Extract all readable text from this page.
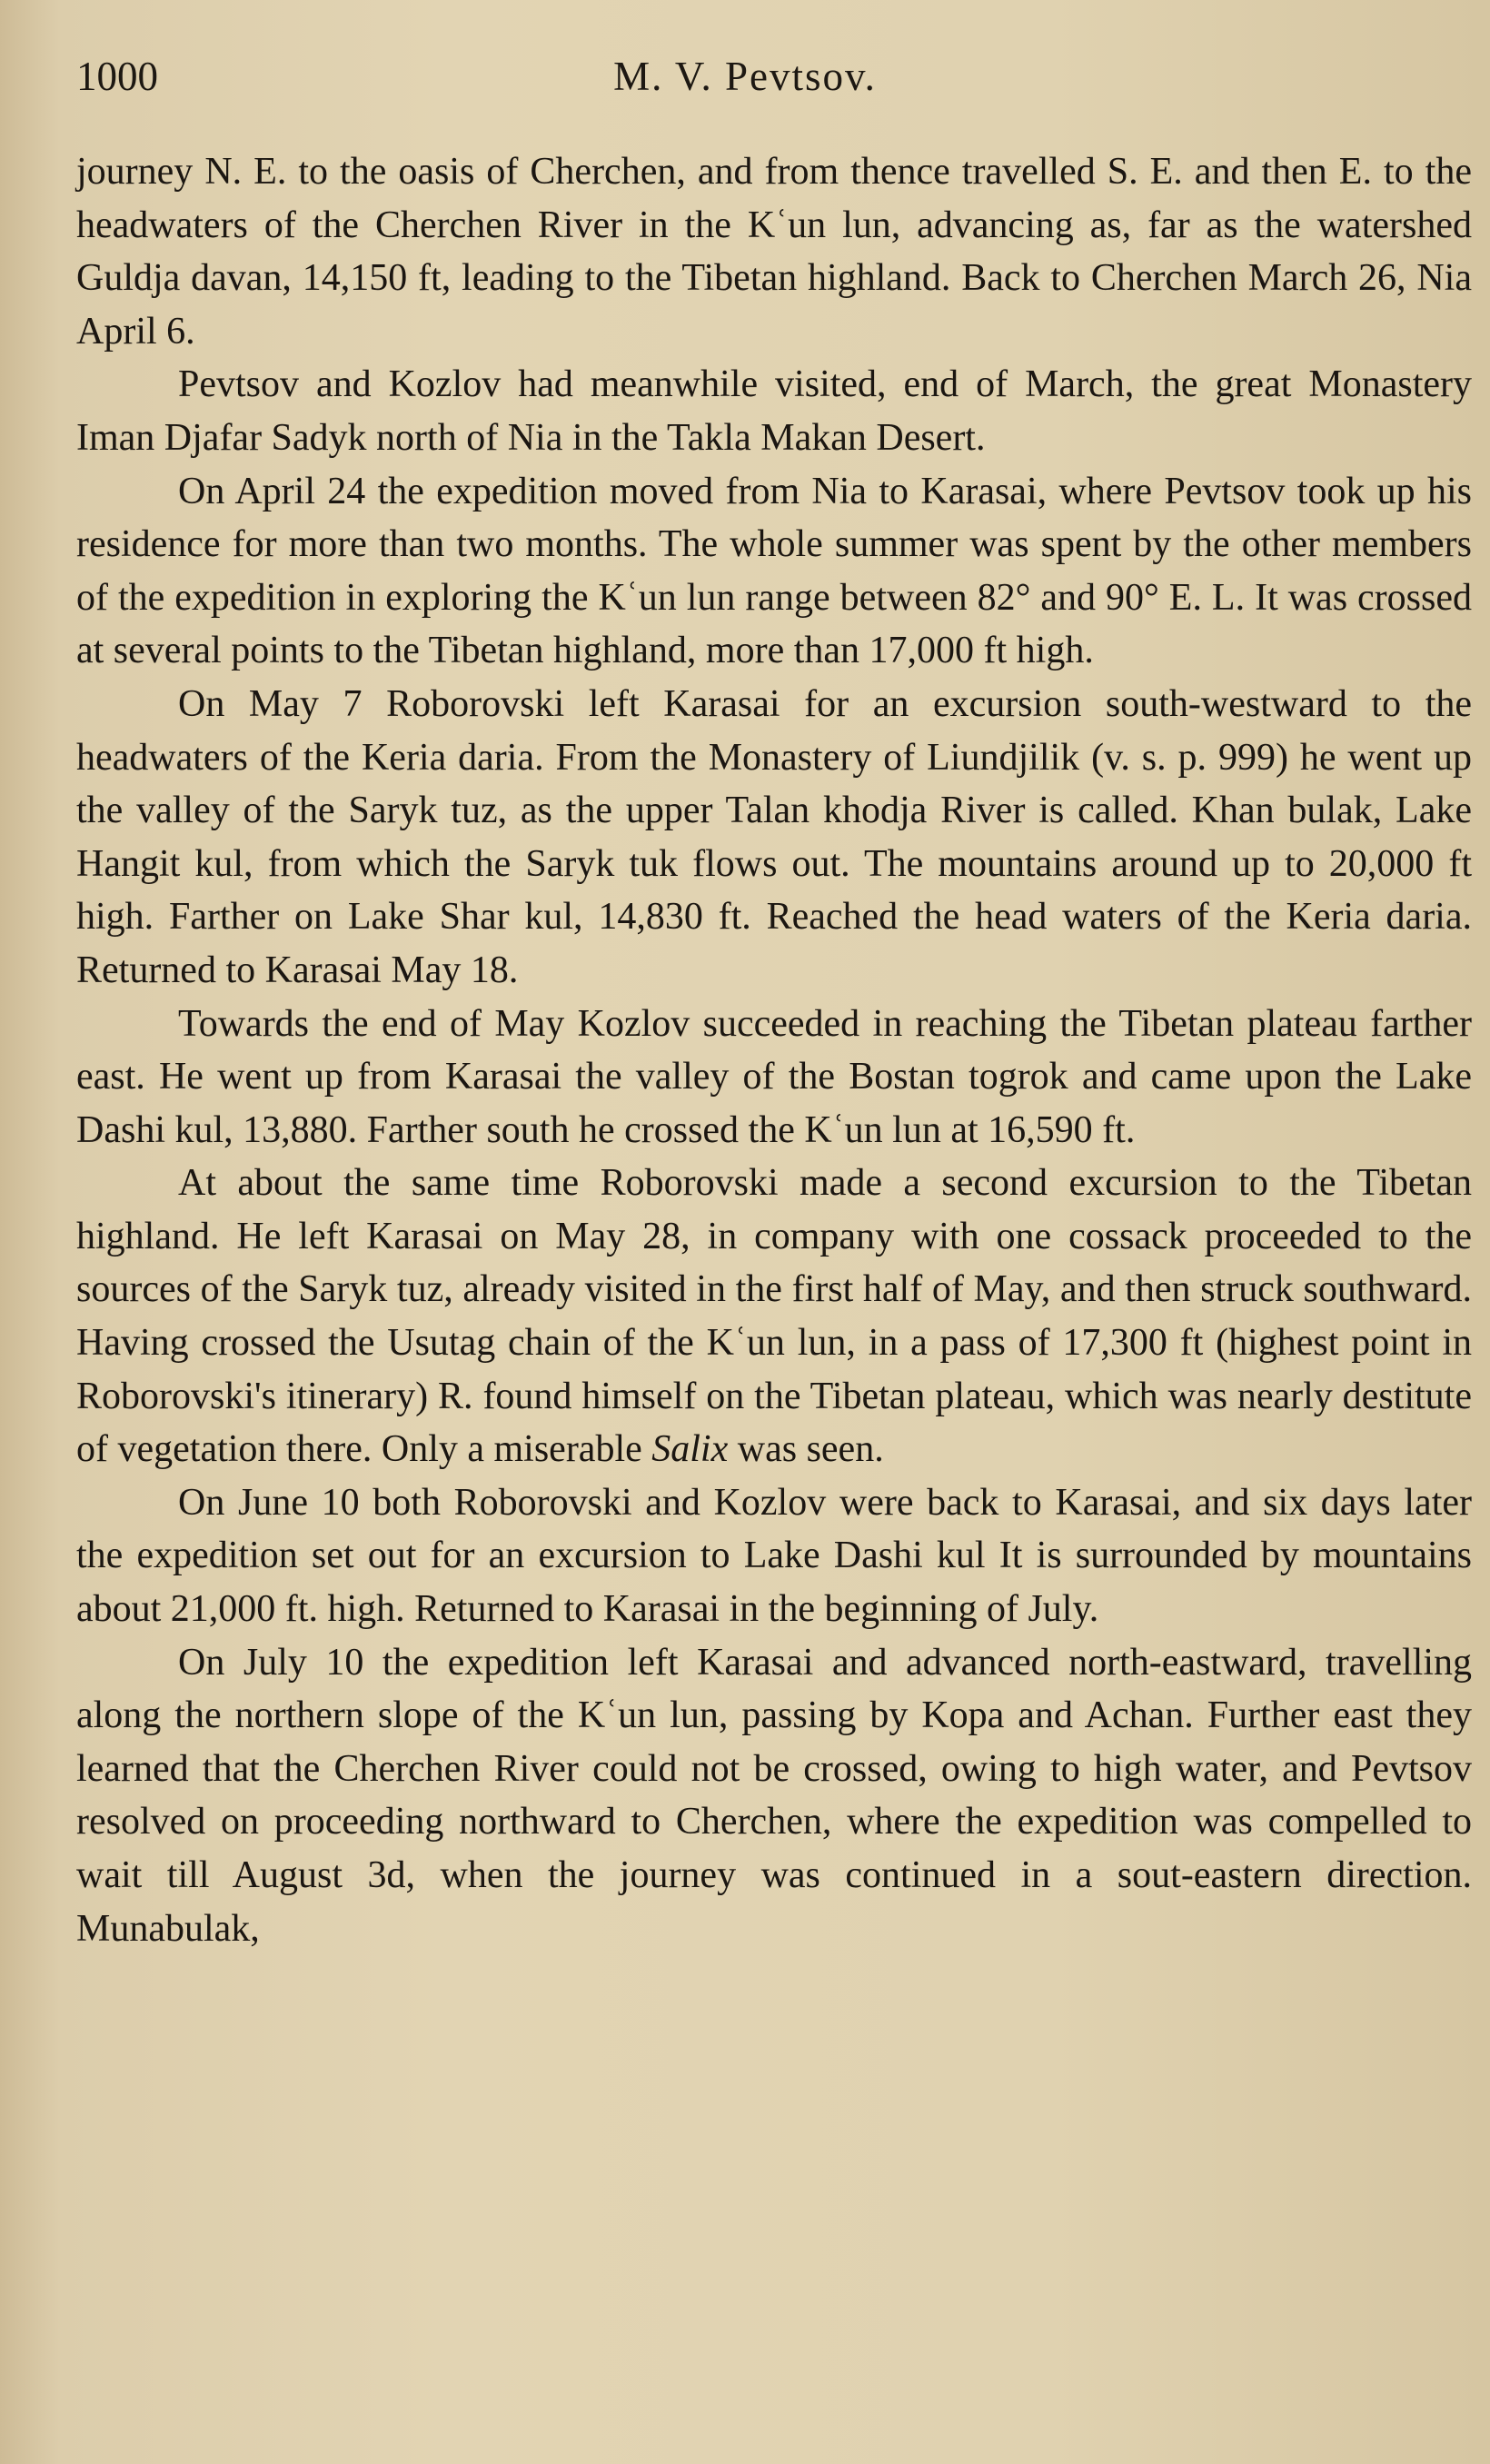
1000	M. V. Pevtsov.

journey N. E. to the oasis of Cherchen, and from thence travelled S. E. and then E. to the headwaters of the Cherchen River in the Kʿun lun, advancing as, far as the watershed Guldja davan, 14,150 ft, leading to the Tibetan highland. Back to Cherchen March 26, Nia April 6.

Pevtsov and Kozlov had meanwhile visited, end of March, the great Monastery Iman Djafar Sadyk north of Nia in the Takla Makan Desert.

On April 24 the expedition moved from Nia to Karasai, where Pevtsov took up his residence for more than two months. The whole summer was spent by the other members of the expedition in exploring the Kʿun lun range between 82° and 90° E. L. It was crossed at several points to the Tibetan highland, more than 17,000 ft high.

On May 7 Roborovski left Karasai for an excursion south-westward to the headwaters of the Keria daria. From the Monastery of Liundjilik (v. s. p. 999) he went up the valley of the Saryk tuz, as the upper Talan khodja River is called. Khan bulak, Lake Hangit kul, from which the Saryk tuk flows out. The mountains around up to 20,000 ft high. Farther on Lake Shar kul, 14,830 ft. Reached the head waters of the Keria daria. Returned to Karasai May 18.

Towards the end of May Kozlov succeeded in reaching the Tibetan plateau farther east. He went up from Karasai the valley of the Bostan togrok and came upon the Lake Dashi kul, 13,880. Farther south he crossed the Kʿun lun at 16,590 ft.

At about the same time Roborovski made a second excursion to the Tibetan highland. He left Karasai on May 28, in company with one cossack proceeded to the sources of the Saryk tuz, already visited in the first half of May, and then struck southward. Having crossed the Usutag chain of the Kʿun lun, in a pass of 17,300 ft (highest point in Roborovski's itinerary) R. found himself on the Tibetan plateau, which was nearly destitute of vegetation there. Only a miserable Salix was seen.

On June 10 both Roborovski and Kozlov were back to Karasai, and six days later the expedition set out for an excursion to Lake Dashi kul It is surrounded by mountains about 21,000 ft. high. Returned to Karasai in the beginning of July.

On July 10 the expedition left Karasai and advanced north-eastward, travelling along the northern slope of the Kʿun lun, passing by Kopa and Achan. Further east they learned that the Cherchen River could not be crossed, owing to high water, and Pevtsov resolved on proceeding northward to Cherchen, where the expedition was compelled to wait till August 3d, when the journey was continued in a sout-eastern direction. Munabulak,
